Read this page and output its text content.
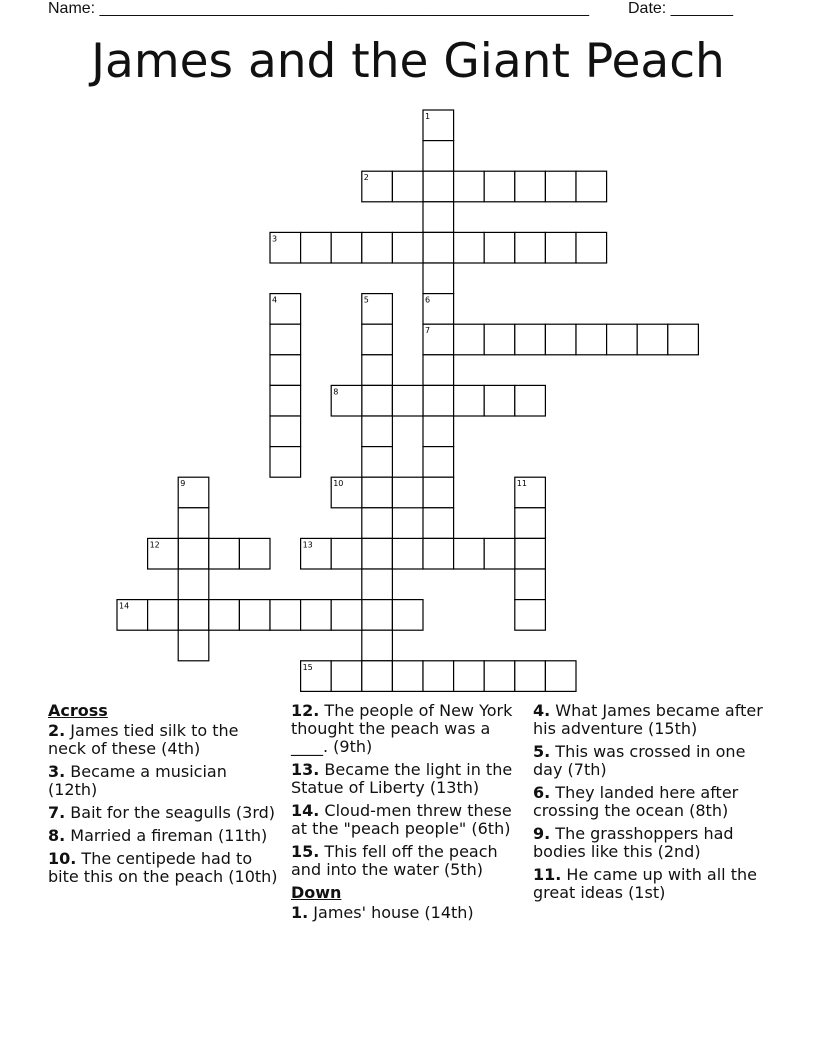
Name: _______________________________________________________ Date: _______
James and the Giant Peach
1
2
3
4	5	6
7
8
9	10	11
12	13
14
15
Across
2. James tied silk to the neck of these (4th)
3. Became a musician (12th)
7. Bait for the seagulls (3rd)
8. Married a fireman (11th)
10. The centipede had to bite this on the peach (10th)
12. The people of New York thought the peach was a ____. (9th)
13. Became the light in the Statue of Liberty (13th)
14. Cloud-men threw these at the "peach people" (6th)
15. This fell off the peach and into the water (5th)
Down
1. James' house (14th)
4. What James became after his adventure (15th)
5. This was crossed in one day (7th)
6. They landed here after crossing the ocean (8th)
9. The grasshoppers had bodies like this (2nd)
11. He came up with all the great ideas (1st)
